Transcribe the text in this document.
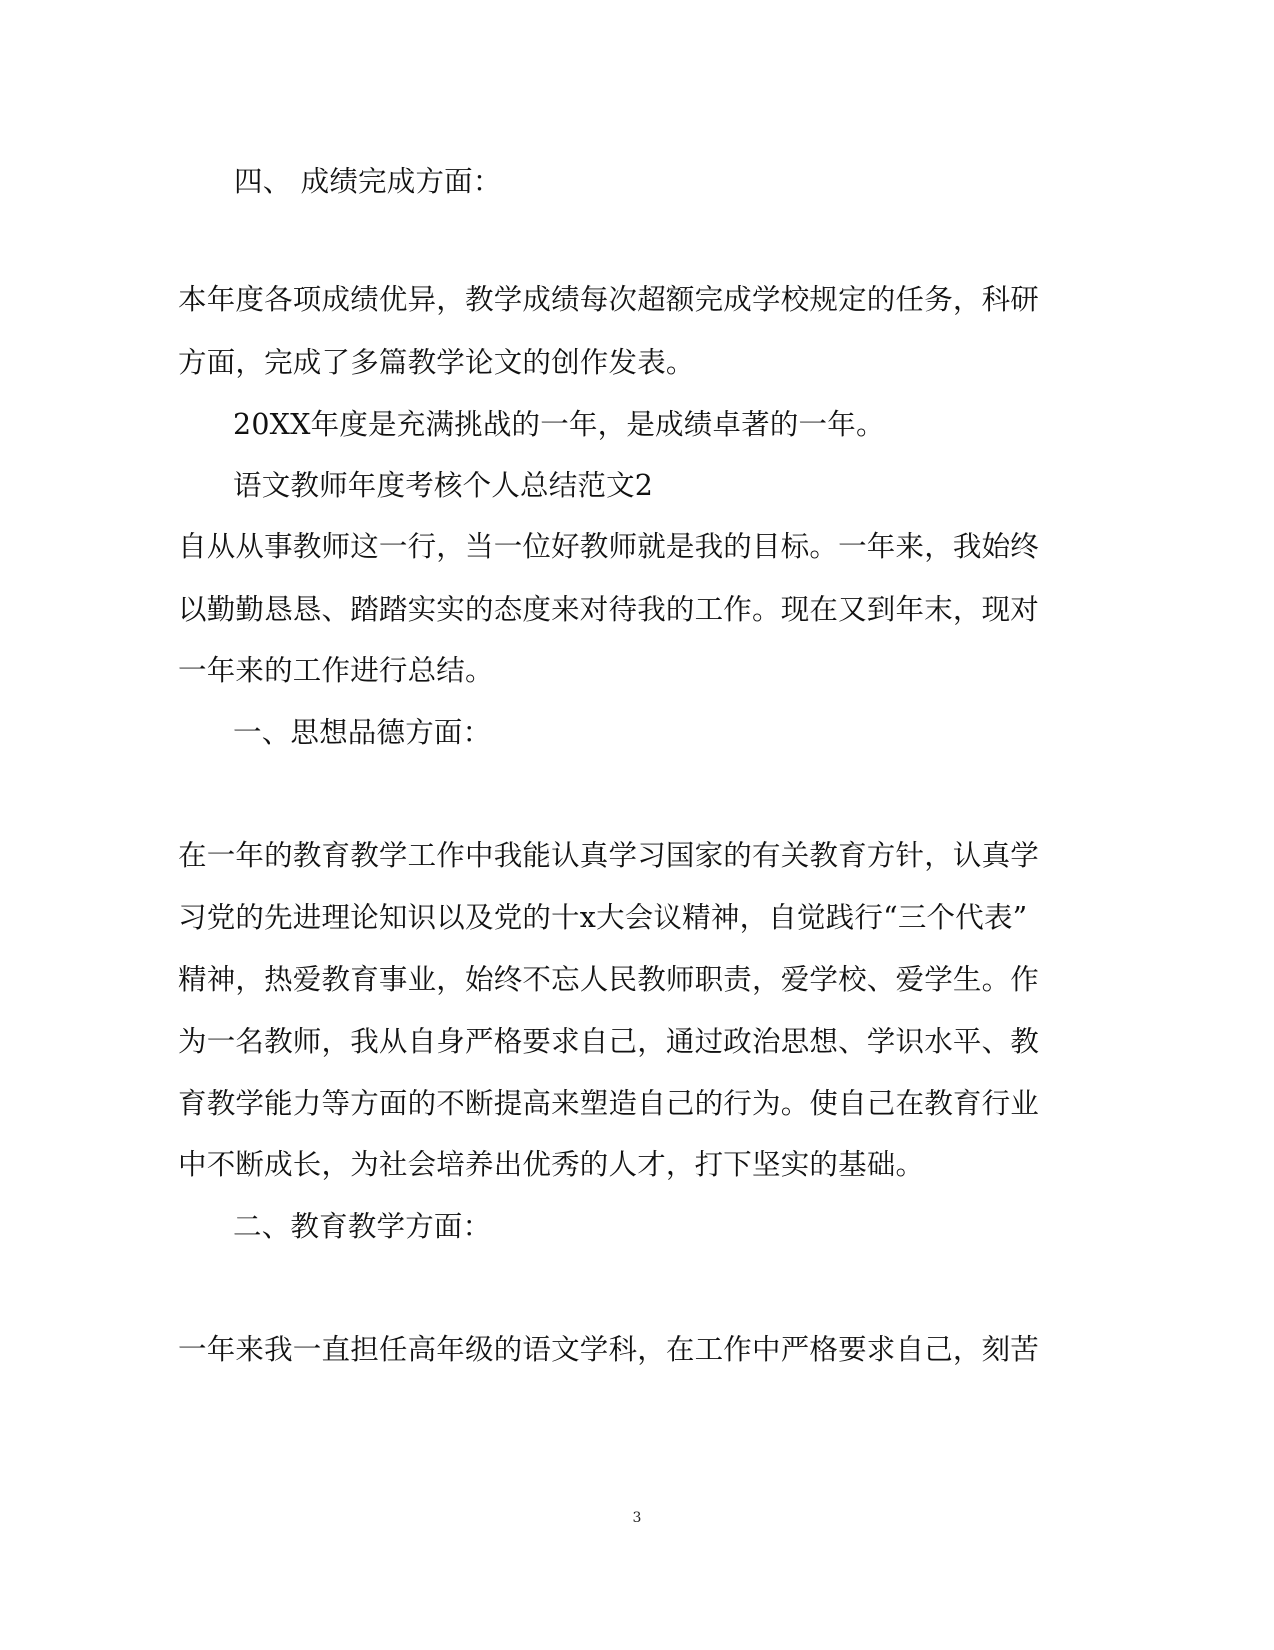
四、 成绩完成方面：
本年度各项成绩优异，教学成绩每次超额完成学校规定的任务，科研
方面，完成了多篇教学论文的创作发表。
20XX年度是充满挑战的一年，是成绩卓著的一年。
语文教师年度考核个人总结范文2
自从从事教师这一行，当一位好教师就是我的目标。一年来，我始终
以勤勤恳恳、踏踏实实的态度来对待我的工作。现在又到年末，现对
一年来的工作进行总结。
一、思想品德方面：
在一年的教育教学工作中我能认真学习国家的有关教育方针，认真学
习党的先进理论知识以及党的十x大会议精神，自觉践行“三个代表”
精神，热爱教育事业，始终不忘人民教师职责，爱学校、爱学生。作
为一名教师，我从自身严格要求自己，通过政治思想、学识水平、教
育教学能力等方面的不断提高来塑造自己的行为。使自己在教育行业
中不断成长，为社会培养出优秀的人才，打下坚实的基础。
二、教育教学方面：
一年来我一直担任高年级的语文学科，在工作中严格要求自己，刻苦
3
